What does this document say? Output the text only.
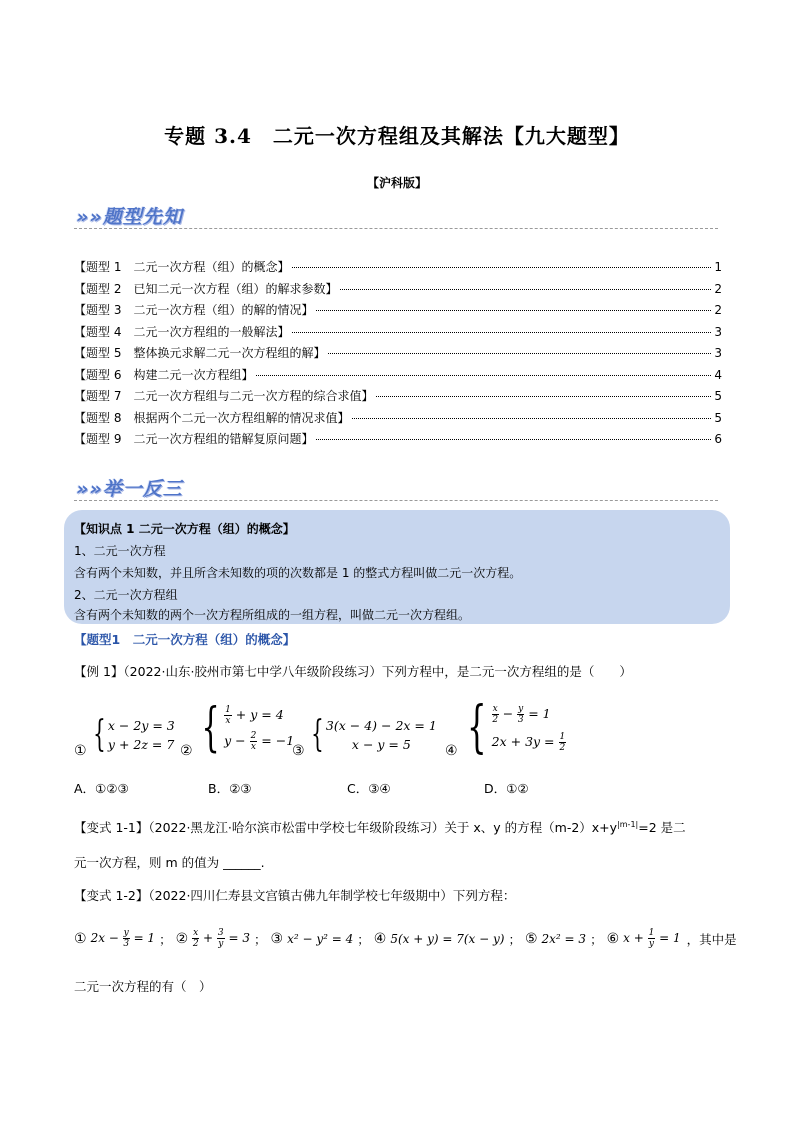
专题 3.4　二元一次方程组及其解法【九大题型】
【沪科版】
»»题型先知
【题型 1　二元一次方程（组）的概念】	1
【题型 2　已知二元一次方程（组）的解求参数】	2
【题型 3　二元一次方程（组）的解的情况】	2
【题型 4　二元一次方程组的一般解法】	3
【题型 5　整体换元求解二元一次方程组的解】	3
【题型 6　构建二元一次方程组】	4
【题型 7　二元一次方程组与二元一次方程的综合求值】	5
【题型 8　根据两个二元一次方程组解的情况求值】	5
【题型 9　二元一次方程组的错解复原问题】	6
»»举一反三
【知识点 1 二元一次方程（组）的概念】
1、二元一次方程
含有两个未知数，并且所含未知数的项的次数都是 1 的整式方程叫做二元一次方程。
2、二元一次方程组
含有两个未知数的两个一次方程所组成的一组方程，叫做二元一次方程组。
【题型1　二元一次方程（组）的概念】
【例 1】（2022·山东·胶州市第七中学八年级阶段练习）下列方程中，是二元一次方程组的是（　　）
① { x − 2y = 3
y + 2z = 7 ② { $\frac{1}{x} + y = 4$
$y - \frac{2}{x} = -1$
③ { 3(x − 4) − 2x = 1
x − y = 5	④ { $\frac{x}{2} - \frac{y}{3} = 1$
$2x + 3y = \frac{1}{2}$
A．①②③	B．②③	C．③④	D．①②
【变式 1-1】（2022·黑龙江·哈尔滨市松雷中学校七年级阶段练习）关于 x、y 的方程$(m-2)x+y^{|m-1|}=2$ 是二
元一次方程，则 m 的值为 ______.
【变式 1-2】（2022·四川仁寿县文宫镇古佛九年制学校七年级期中）下列方程：
① $2x - \frac{y}{3} = 1$ ； ② $\frac{x}{2} + \frac{3}{y} = 3$ ； ③ x² − y² = 4 ； ④ 5(x + y) = 7(x − y) ； ⑤ 2x² = 3 ； ⑥ $x + \frac{1}{y} = 1$ ，其中是
二元一次方程的有（　）
